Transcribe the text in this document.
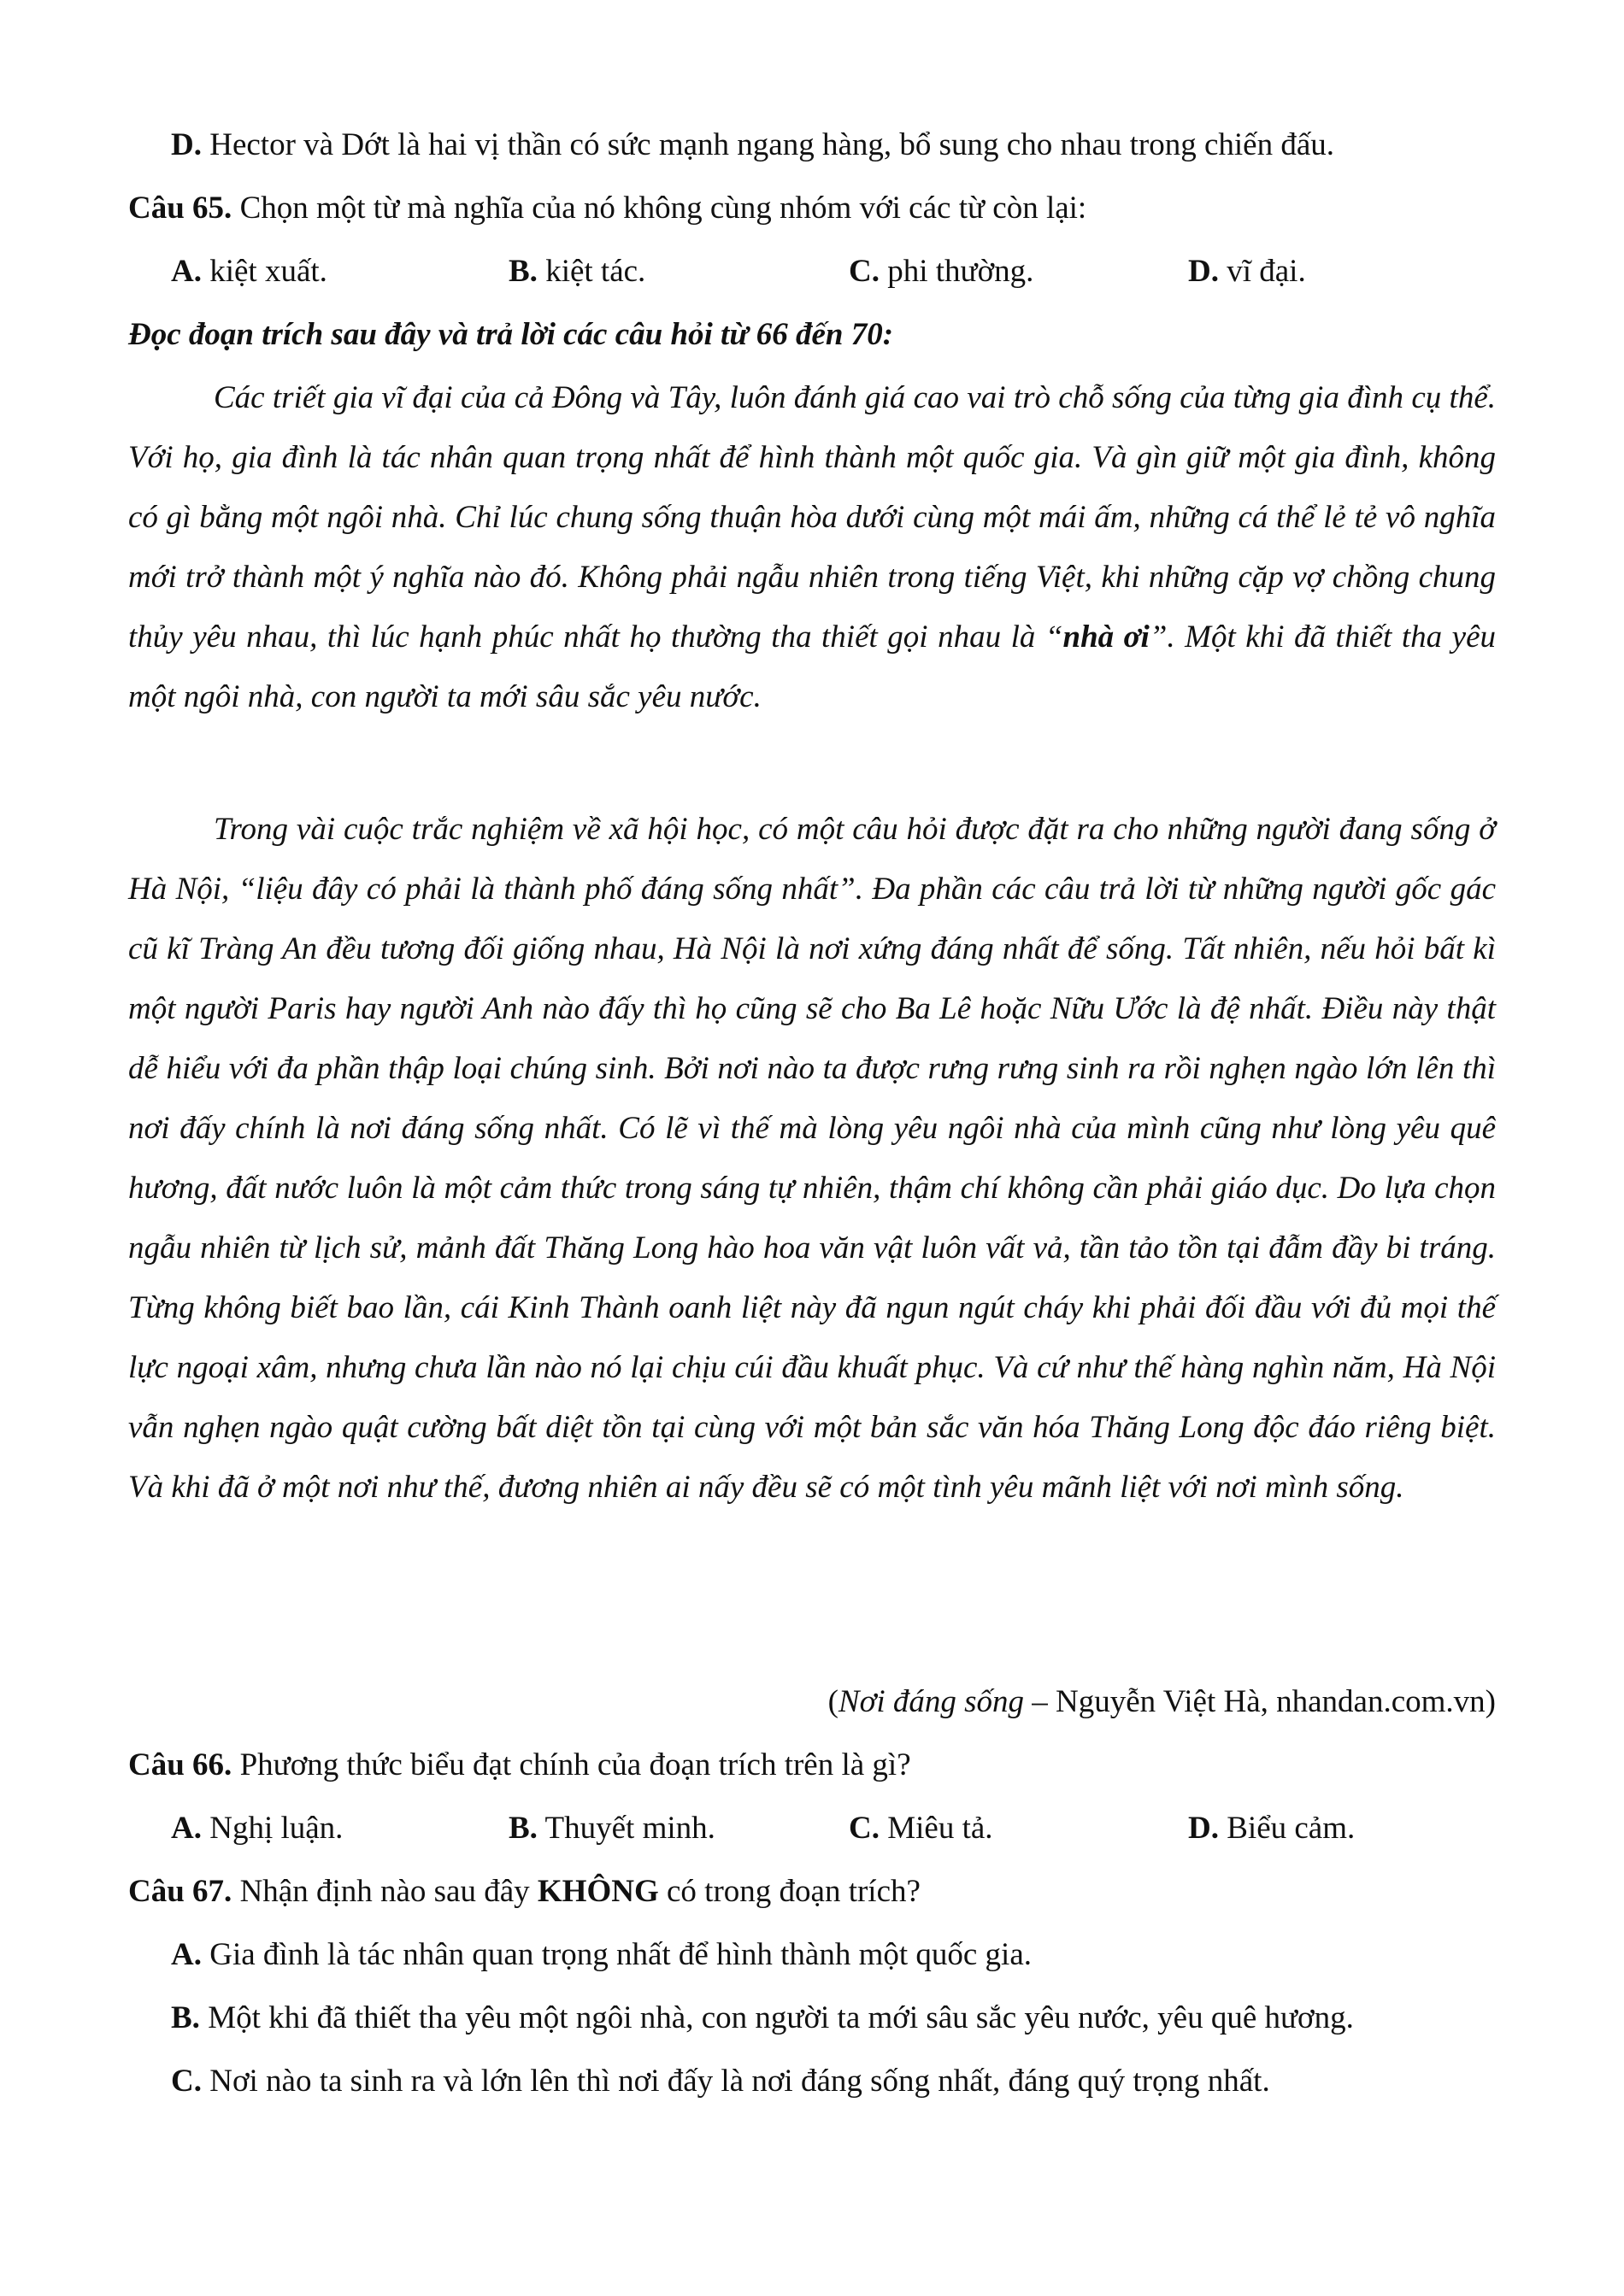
D. Hector và Dớt là hai vị thần có sức mạnh ngang hàng, bổ sung cho nhau trong chiến đấu.
Câu 65. Chọn một từ mà nghĩa của nó không cùng nhóm với các từ còn lại:
A. kiệt xuất.	B. kiệt tác.	C. phi thường.	D. vĩ đại.
Đọc đoạn trích sau đây và trả lời các câu hỏi từ 66 đến 70:

Các triết gia vĩ đại của cả Đông và Tây, luôn đánh giá cao vai trò chỗ sống của từng gia đình cụ thể. Với họ, gia đình là tác nhân quan trọng nhất để hình thành một quốc gia. Và gìn giữ một gia đình, không có gì bằng một ngôi nhà. Chỉ lúc chung sống thuận hòa dưới cùng một mái ấm, những cá thể lẻ tẻ vô nghĩa mới trở thành một ý nghĩa nào đó. Không phải ngẫu nhiên trong tiếng Việt, khi những cặp vợ chồng chung thủy yêu nhau, thì lúc hạnh phúc nhất họ thường tha thiết gọi nhau là “nhà ơi”. Một khi đã thiết tha yêu một ngôi nhà, con người ta mới sâu sắc yêu nước.

Trong vài cuộc trắc nghiệm về xã hội học, có một câu hỏi được đặt ra cho những người đang sống ở Hà Nội, “liệu đây có phải là thành phố đáng sống nhất”. Đa phần các câu trả lời từ những người gốc gác cũ kĩ Tràng An đều tương đối giống nhau, Hà Nội là nơi xứng đáng nhất để sống. Tất nhiên, nếu hỏi bất kì một người Paris hay người Anh nào đấy thì họ cũng sẽ cho Ba Lê hoặc Nữu Ước là đệ nhất. Điều này thật dễ hiểu với đa phần thập loại chúng sinh. Bởi nơi nào ta được rưng rưng sinh ra rồi nghẹn ngào lớn lên thì nơi đấy chính là nơi đáng sống nhất. Có lẽ vì thế mà lòng yêu ngôi nhà của mình cũng như lòng yêu quê hương, đất nước luôn là một cảm thức trong sáng tự nhiên, thậm chí không cần phải giáo dục. Do lựa chọn ngẫu nhiên từ lịch sử, mảnh đất Thăng Long hào hoa văn vật luôn vất vả, tần tảo tồn tại đẫm đầy bi tráng. Từng không biết bao lần, cái Kinh Thành oanh liệt này đã ngun ngút cháy khi phải đối đầu với đủ mọi thế lực ngoại xâm, nhưng chưa lần nào nó lại chịu cúi đầu khuất phục. Và cứ như thế hàng nghìn năm, Hà Nội vẫn nghẹn ngào quật cường bất diệt tồn tại cùng với một bản sắc văn hóa Thăng Long độc đáo riêng biệt. Và khi đã ở một nơi như thế, đương nhiên ai nấy đều sẽ có một tình yêu mãnh liệt với nơi mình sống.

(Nơi đáng sống – Nguyễn Việt Hà, nhandan.com.vn)
Câu 66. Phương thức biểu đạt chính của đoạn trích trên là gì?
A. Nghị luận.	B. Thuyết minh.	C. Miêu tả.	D. Biểu cảm.
Câu 67. Nhận định nào sau đây KHÔNG có trong đoạn trích?
A. Gia đình là tác nhân quan trọng nhất để hình thành một quốc gia.
B. Một khi đã thiết tha yêu một ngôi nhà, con người ta mới sâu sắc yêu nước, yêu quê hương.
C. Nơi nào ta sinh ra và lớn lên thì nơi đấy là nơi đáng sống nhất, đáng quý trọng nhất.
